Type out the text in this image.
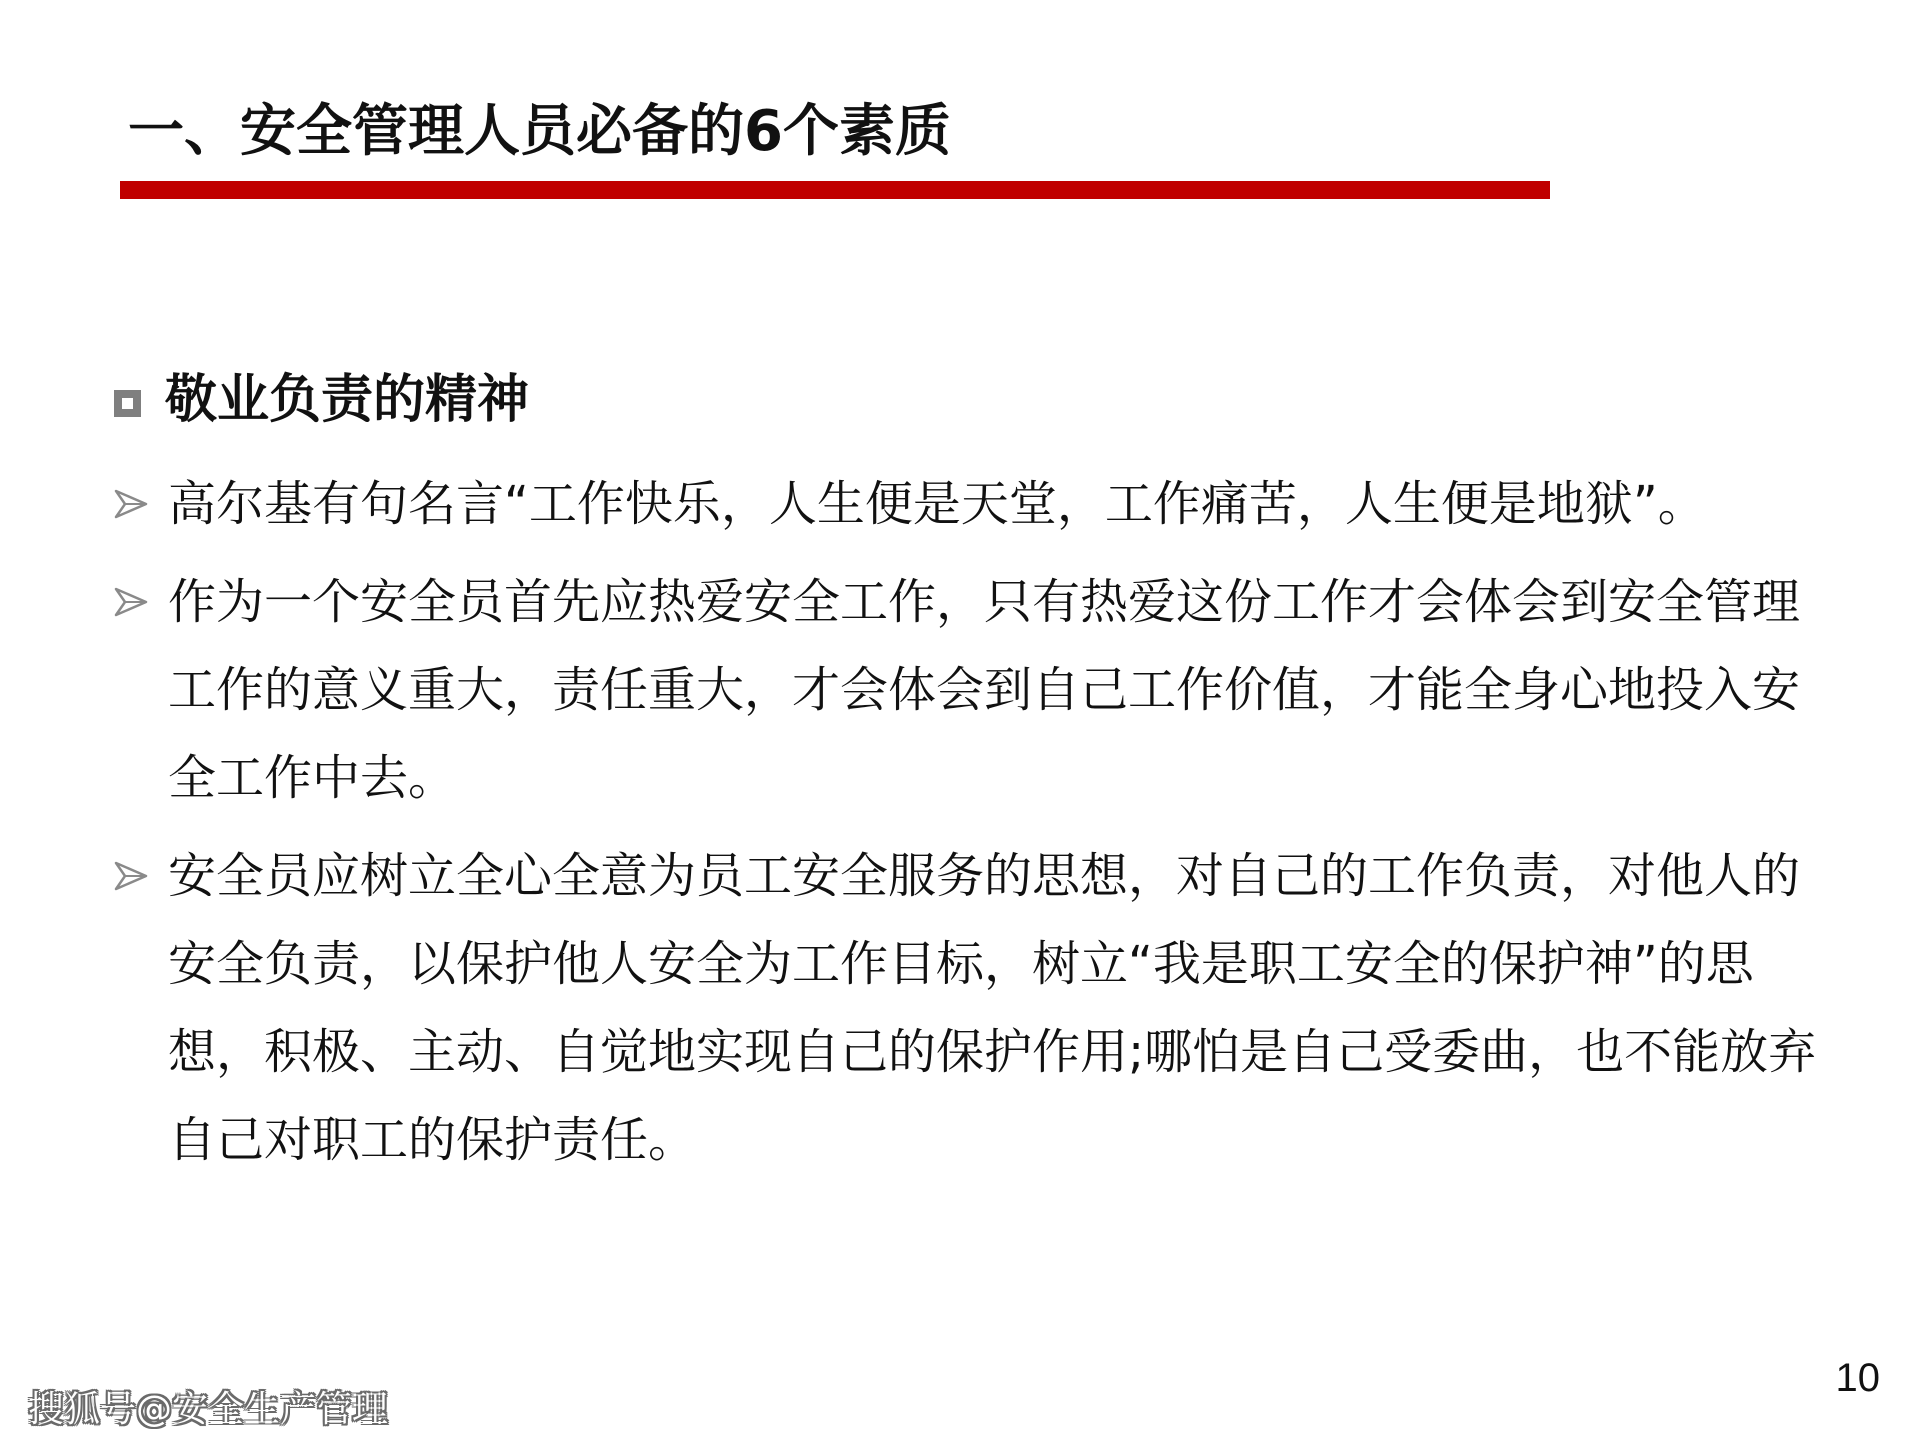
一、安全管理人员必备的6个素质
敬业负责的精神
高尔基有句名言“工作快乐，人生便是天堂，工作痛苦，人生便是地狱”。
作为一个安全员首先应热爱安全工作，只有热爱这份工作才会体会到安全管理工作的意义重大，责任重大，才会体会到自己工作价值，才能全身心地投入安全工作中去。
安全员应树立全心全意为员工安全服务的思想，对自己的工作负责，对他人的安全负责，以保护他人安全为工作目标，树立“我是职工安全的保护神”的思想，积极、主动、自觉地实现自己的保护作用;哪怕是自己受委曲，也不能放弃自己对职工的保护责任。
10
搜狐号@安全生产管理
